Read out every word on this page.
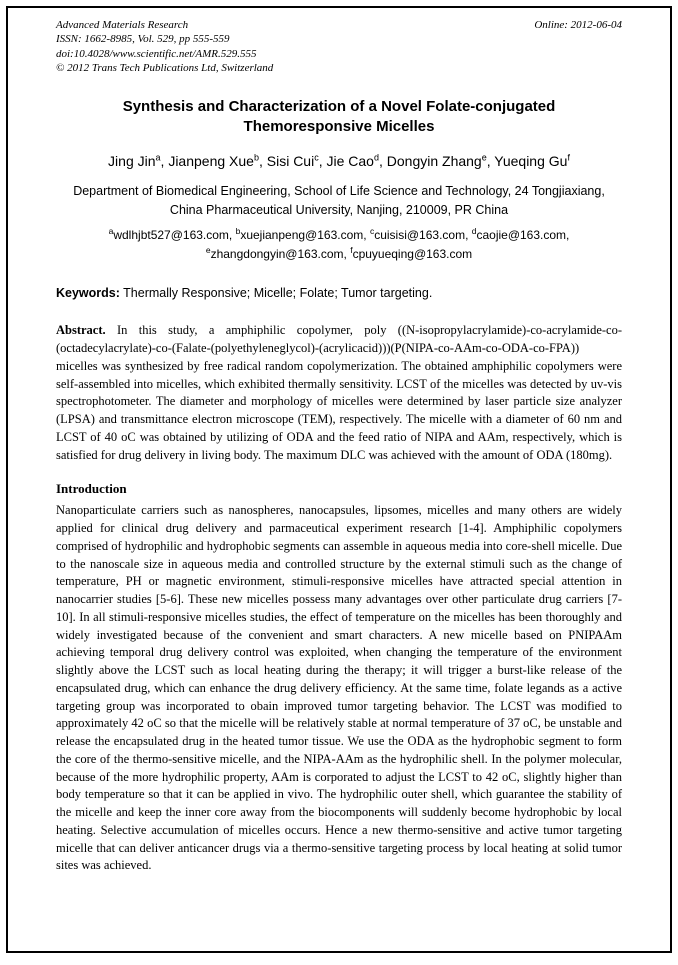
Advanced Materials Research
ISSN: 1662-8985, Vol. 529, pp 555-559
doi:10.4028/www.scientific.net/AMR.529.555
© 2012 Trans Tech Publications Ltd, Switzerland
Online: 2012-06-04
Synthesis and Characterization of a Novel Folate-conjugated
Themoresponsive Micelles
Jing Jin$^a$, Jianpeng Xue$^b$, Sisi Cui$^c$, Jie Cao$^d$, Dongyin Zhang$^e$, Yueqing Gu$^f$
Department of Biomedical Engineering, School of Life Science and Technology, 24 Tongjiaxiang,
China Pharmaceutical University, Nanjing, 210009, PR China
$^a$wdlhjbt527@163.com, $^b$xuejianpeng@163.com, $^c$cuisisi@163.com, $^d$caojie@163.com,
$^e$zhangdongyin@163.com, $^f$cpuyueqing@163.com

Keywords: Thermally Responsive; Micelle; Folate; Tumor targeting.

Abstract. In this study, a amphiphilic copolymer, poly ((N-isopropylacrylamide)-co-acrylamide-co-(octadecylacrylate)-co-(Falate-(polyethyleneglycol)-(acrylicacid)))(P(NIPA-co-AAm-co-ODA-co-FPA)) micelles was synthesized by free radical random copolymerization. The obtained amphiphilic copolymers were self-assembled into micelles, which exhibited thermally sensitivity. LCST of the micelles was detected by uv-vis spectrophotometer. The diameter and morphology of micelles were determined by laser particle size analyzer (LPSA) and transmittance electron microscope (TEM), respectively. The micelle with a diameter of 60 nm and LCST of 40 oC was obtained by utilizing of ODA and the feed ratio of NIPA and AAm, respectively, which is satisfied for drug delivery in living body. The maximum DLC was achieved with the amount of ODA (180mg).

Introduction

Nanoparticulate carriers such as nanospheres, nanocapsules, lipsomes, micelles and many others are widely applied for clinical drug delivery and parmaceutical experiment research [1-4]. Amphiphilic copolymers comprised of hydrophilic and hydrophobic segments can assemble in aqueous media into core-shell micelle. Due to the nanoscale size in aqueous media and controlled structure by the external stimuli such as the change of temperature, PH or magnetic environment, stimuli-responsive micelles have attracted special attention in nanocarrier studies [5-6]. These new micelles possess many advantages over other particulate drug carriers [7-10]. In all stimuli-responsive micelles studies, the effect of temperature on the micelles has been thoroughly and widely investigated because of the convenient and smart characters. A new micelle based on PNIPAAm achieving temporal drug delivery control was exploited, when changing the temperature of the environment slightly above the LCST such as local heating during the therapy; it will trigger a burst-like release of the encapsulated drug, which can enhance the drug delivery efficiency. At the same time, folate legands as a active targeting group was incorporated to obain improved tumor targeting behavior. The LCST was modified to approximately 42 oC so that the micelle will be relatively stable at normal temperature of 37 oC, be unstable and release the encapsulated drug in the heated tumor tissue. We use the ODA as the hydrophobic segment to form the core of the thermo-sensitive micelle, and the NIPA-AAm as the hydrophilic shell. In the polymer molecular, because of the more hydrophilic property, AAm is corporated to adjust the LCST to 42 oC, slightly higher than body temperature so that it can be applied in vivo. The hydrophilic outer shell, which guarantee the stability of the micelle and keep the inner core away from the biocomponents will suddenly become hydrophobic by local heating. Selective accumulation of micelles occurs. Hence a new thermo-sensitive and active tumor targeting micelle that can deliver anticancer drugs via a thermo-sensitive targeting process by local heating at solid tumor sites was achieved.
